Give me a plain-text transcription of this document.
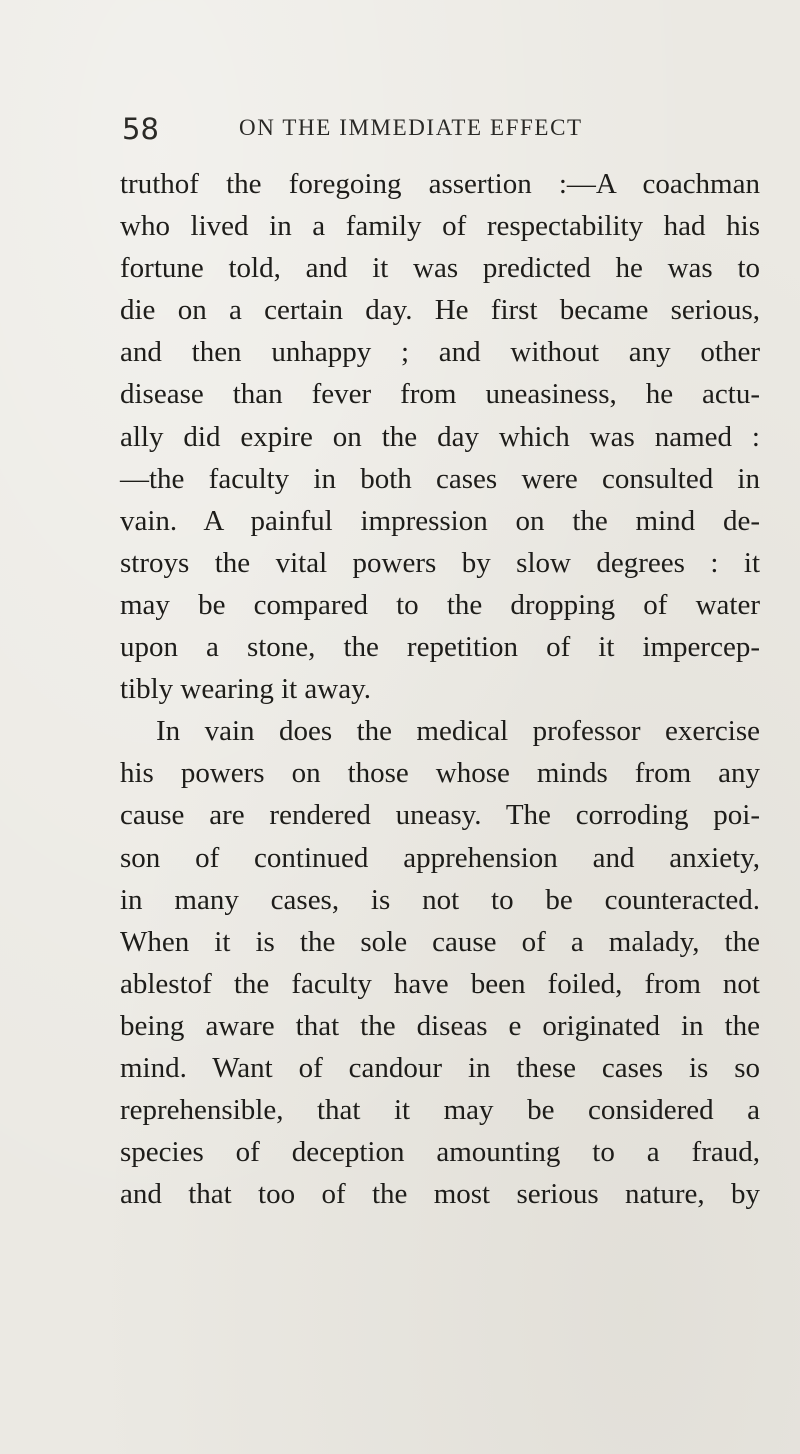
58	ON THE IMMEDIATE EFFECT
truthof the foregoing assertion :—A coachman
who lived in a family of respectability had his
fortune told, and it was predicted he was to
die on a certain day. He first became serious,
and then unhappy ; and without any other
disease than fever from uneasiness, he actu-
ally did expire on the day which was named :
—the faculty in both cases were consulted in
vain. A painful impression on the mind de-
stroys the vital powers by slow degrees : it
may be compared to the dropping of water
upon a stone, the repetition of it impercep-
tibly wearing it away.
In vain does the medical professor exercise
his powers on those whose minds from any
cause are rendered uneasy. The corroding poi-
son of continued apprehension and anxiety,
in many cases, is not to be counteracted.
When it is the sole cause of a malady, the
ablestof the faculty have been foiled, from not
being aware that the diseas e originated in the
mind. Want of candour in these cases is so
reprehensible, that it may be considered a
species of deception amounting to a fraud,
and that too of the most serious nature, by
